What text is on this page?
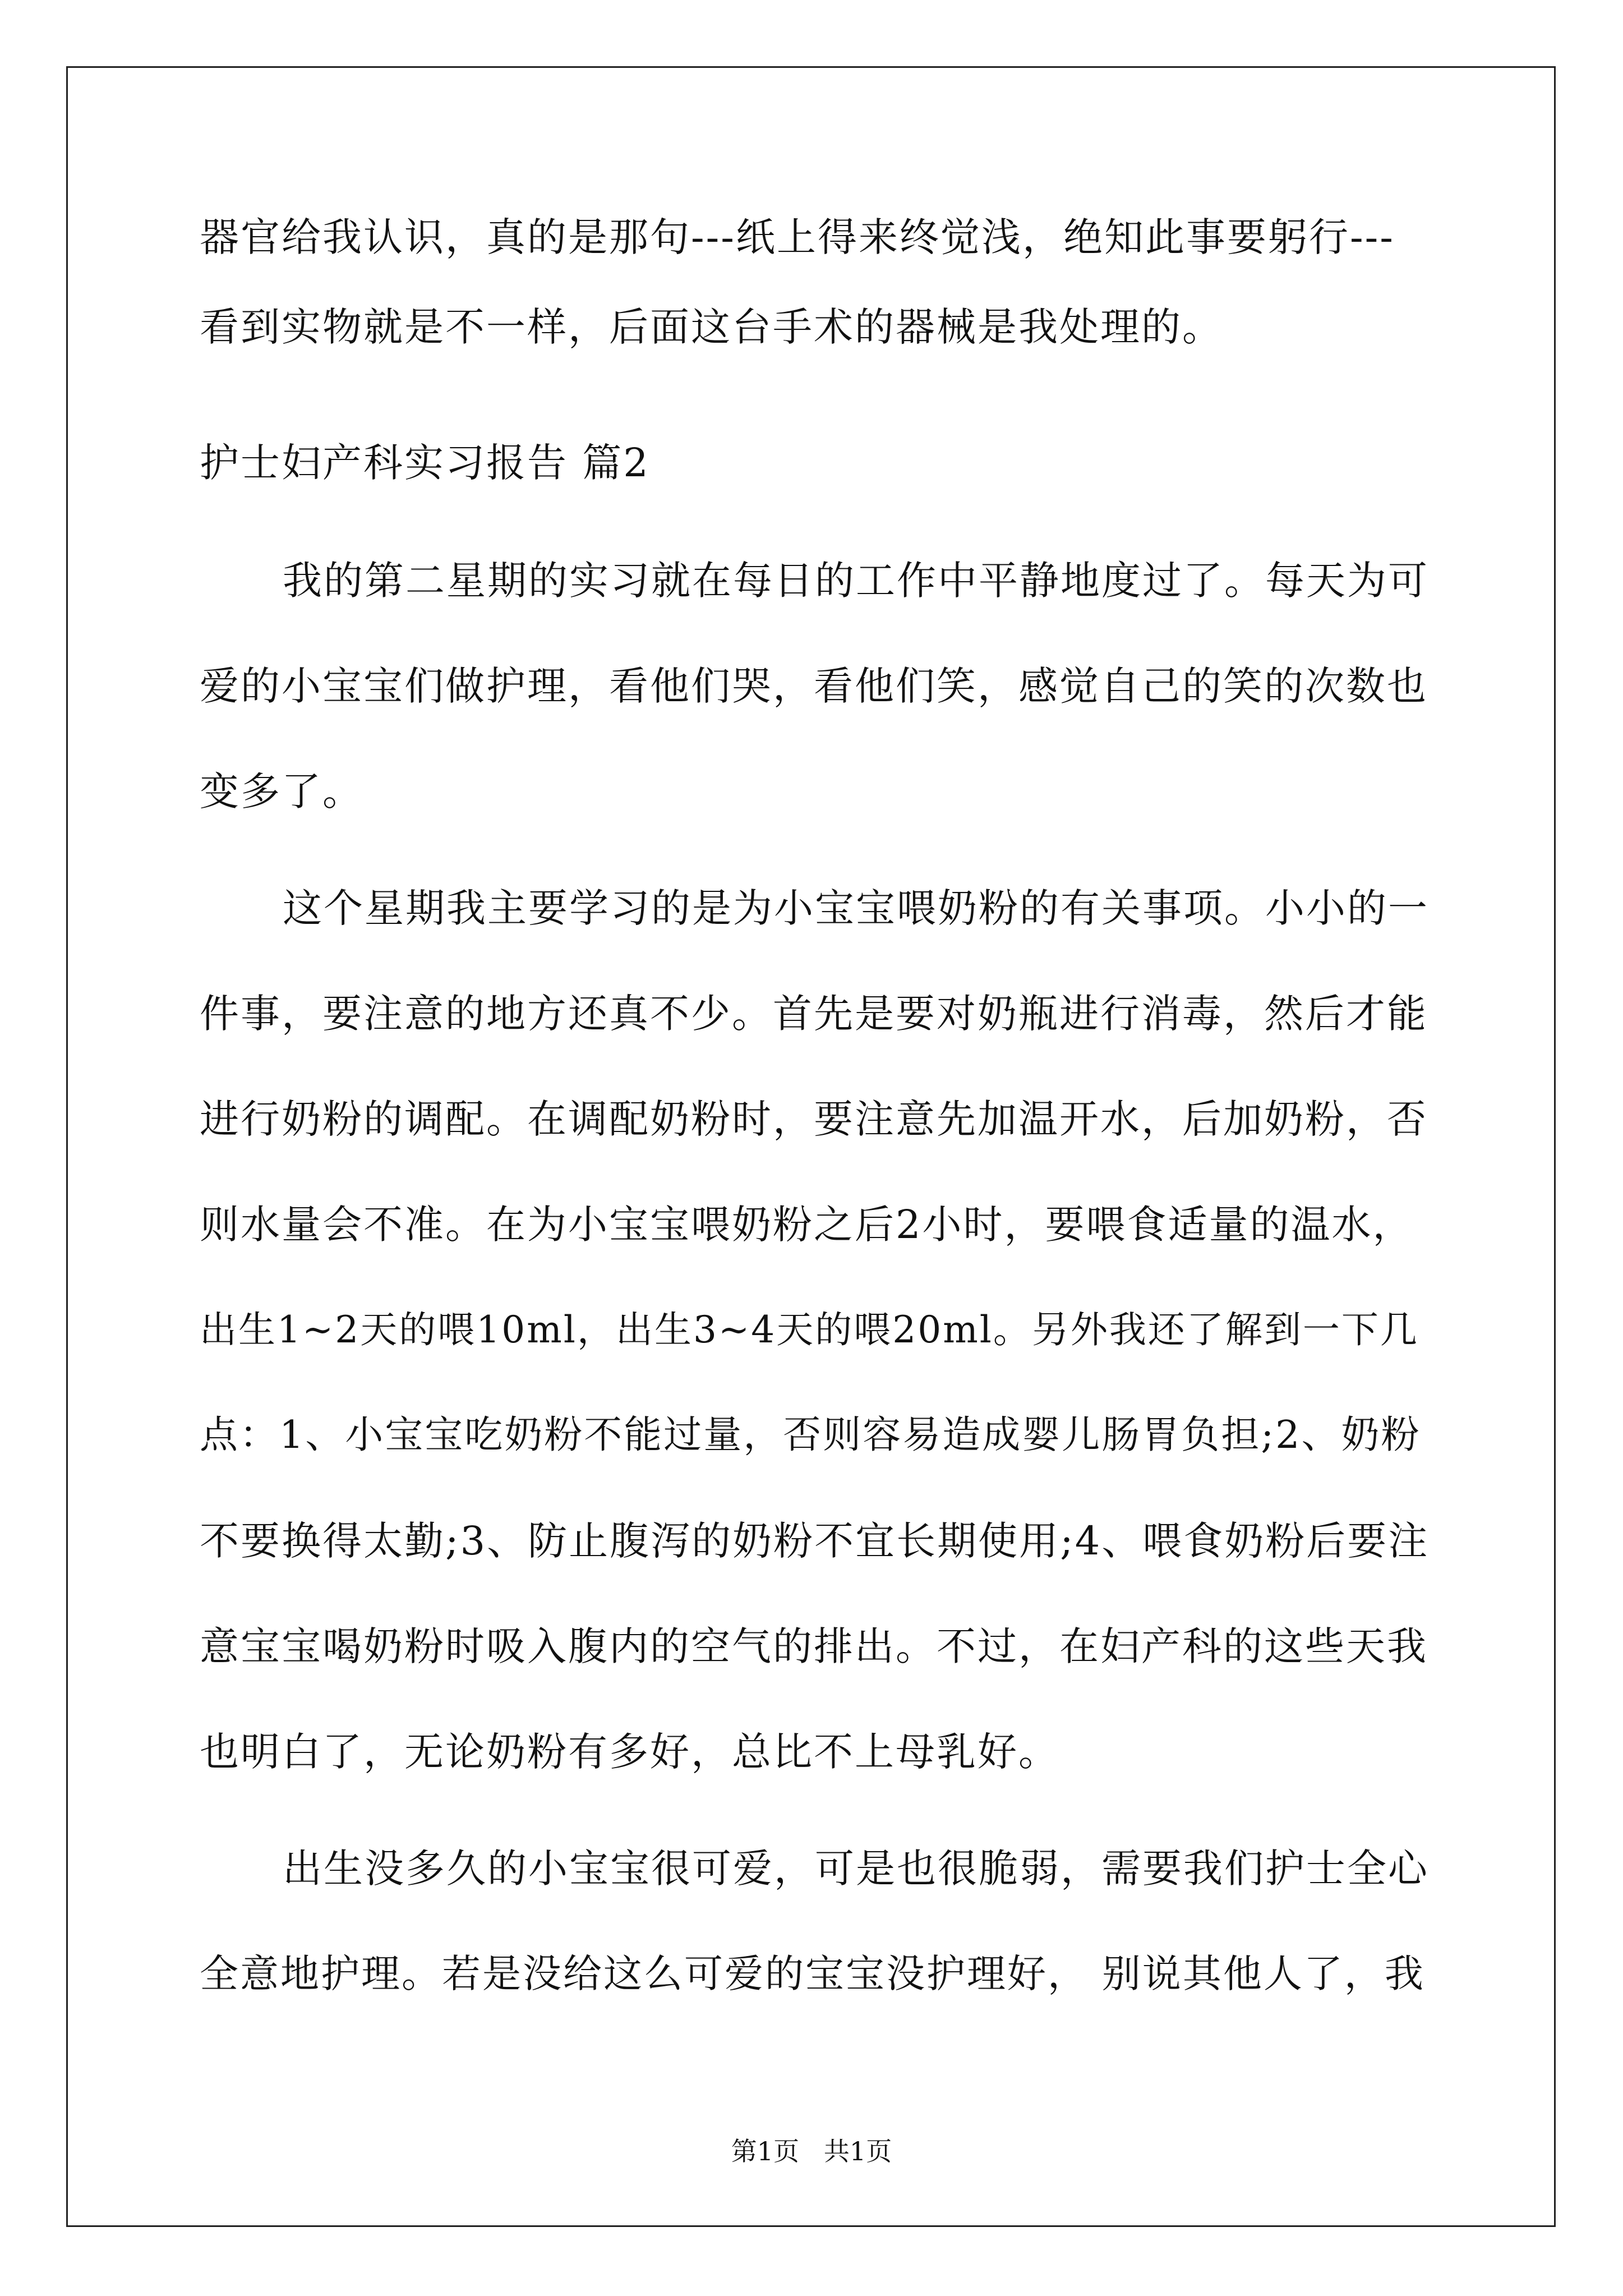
器官给我认识，真的是那句---纸上得来终觉浅，绝知此事要躬行---
看到实物就是不一样，后面这台手术的器械是我处理的。
护士妇产科实习报告 篇2
我的第二星期的实习就在每日的工作中平静地度过了。每天为可
爱的小宝宝们做护理，看他们哭，看他们笑，感觉自己的笑的次数也
变多了。
这个星期我主要学习的是为小宝宝喂奶粉的有关事项。小小的一
件事，要注意的地方还真不少。首先是要对奶瓶进行消毒，然后才能
进行奶粉的调配。在调配奶粉时，要注意先加温开水，后加奶粉，否
则水量会不准。在为小宝宝喂奶粉之后2小时，要喂食适量的温水，
出生1~2天的喂10ml，出生3~4天的喂20ml。另外我还了解到一下几
点：1、小宝宝吃奶粉不能过量，否则容易造成婴儿肠胃负担;2、奶粉
不要换得太勤;3、防止腹泻的奶粉不宜长期使用;4、喂食奶粉后要注
意宝宝喝奶粉时吸入腹内的空气的排出。不过，在妇产科的这些天我
也明白了，无论奶粉有多好，总比不上母乳好。
出生没多久的小宝宝很可爱，可是也很脆弱，需要我们护士全心
全意地护理。若是没给这么可爱的宝宝没护理好， 别说其他人了，我
第1页   共1页
